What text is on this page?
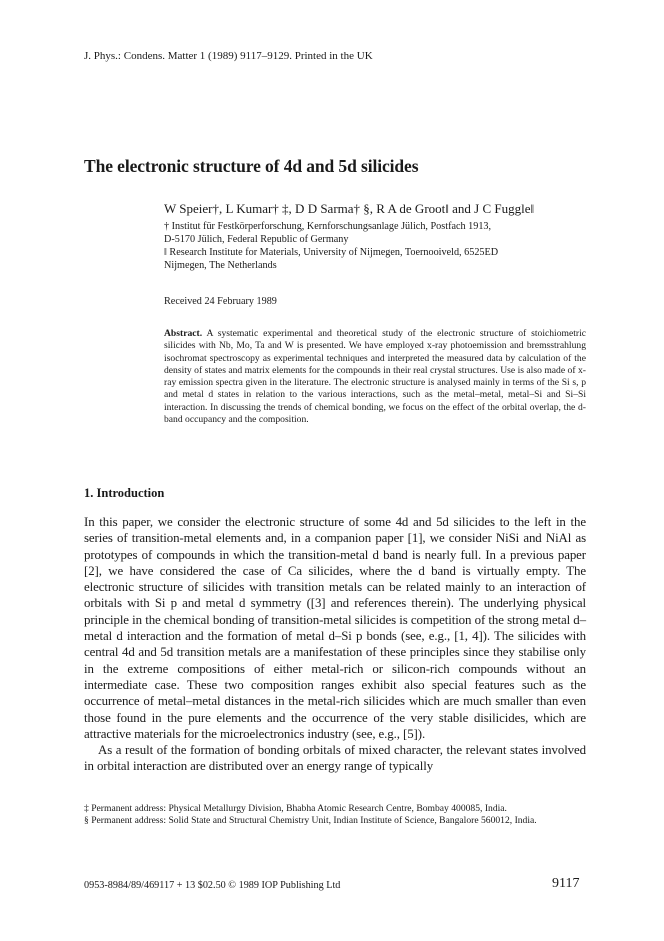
J. Phys.: Condens. Matter 1 (1989) 9117–9129. Printed in the UK
The electronic structure of 4d and 5d silicides
W Speier†, L Kumar† ‡, D D Sarma† §, R A de Groot‖ and J C Fuggle‖
† Institut für Festkörperforschung, Kernforschungsanlage Jülich, Postfach 1913,
D-5170 Jülich, Federal Republic of Germany
‖ Research Institute for Materials, University of Nijmegen, Toernooiveld, 6525ED
Nijmegen, The Netherlands
Received 24 February 1989
Abstract. A systematic experimental and theoretical study of the electronic structure of stoichiometric silicides with Nb, Mo, Ta and W is presented. We have employed x-ray photoemission and bremsstrahlung isochromat spectroscopy as experimental techniques and interpreted the measured data by calculation of the density of states and matrix elements for the compounds in their real crystal structures. Use is also made of x-ray emission spectra given in the literature. The electronic structure is analysed mainly in terms of the Si s, p and metal d states in relation to the various interactions, such as the metal–metal, metal–Si and Si–Si interaction. In discussing the trends of chemical bonding, we focus on the effect of the orbital overlap, the d-band occupancy and the composition.
1. Introduction

In this paper, we consider the electronic structure of some 4d and 5d silicides to the left in the series of transition-metal elements and, in a companion paper [1], we consider NiSi and NiAl as prototypes of compounds in which the transition-metal d band is nearly full. In a previous paper [2], we have considered the case of Ca silicides, where the d band is virtually empty. The electronic structure of silicides with transition metals can be related mainly to an interaction of orbitals with Si p and metal d symmetry ([3] and references therein). The underlying physical principle in the chemical bonding of transition-metal silicides is competition of the strong metal d–metal d interaction and the formation of metal d–Si p bonds (see, e.g., [1, 4]). The silicides with central 4d and 5d transition metals are a manifestation of these principles since they stabilise only in the extreme compositions of either metal-rich or silicon-rich compounds without an intermediate case. These two composition ranges exhibit also special features such as the occurrence of metal–metal distances in the metal-rich silicides which are much smaller than even those found in the pure elements and the occurrence of the very stable disilicides, which are attractive materials for the microelectronics industry (see, e.g., [5]).

As a result of the formation of bonding orbitals of mixed character, the relevant states involved in orbital interaction are distributed over an energy range of typically

‡ Permanent address: Physical Metallurgy Division, Bhabha Atomic Research Centre, Bombay 400085, India.

§ Permanent address: Solid State and Structural Chemistry Unit, Indian Institute of Science, Bangalore 560012, India.

0953-8984/89/469117 + 13 $02.50 © 1989 IOP Publishing Ltd	9117
